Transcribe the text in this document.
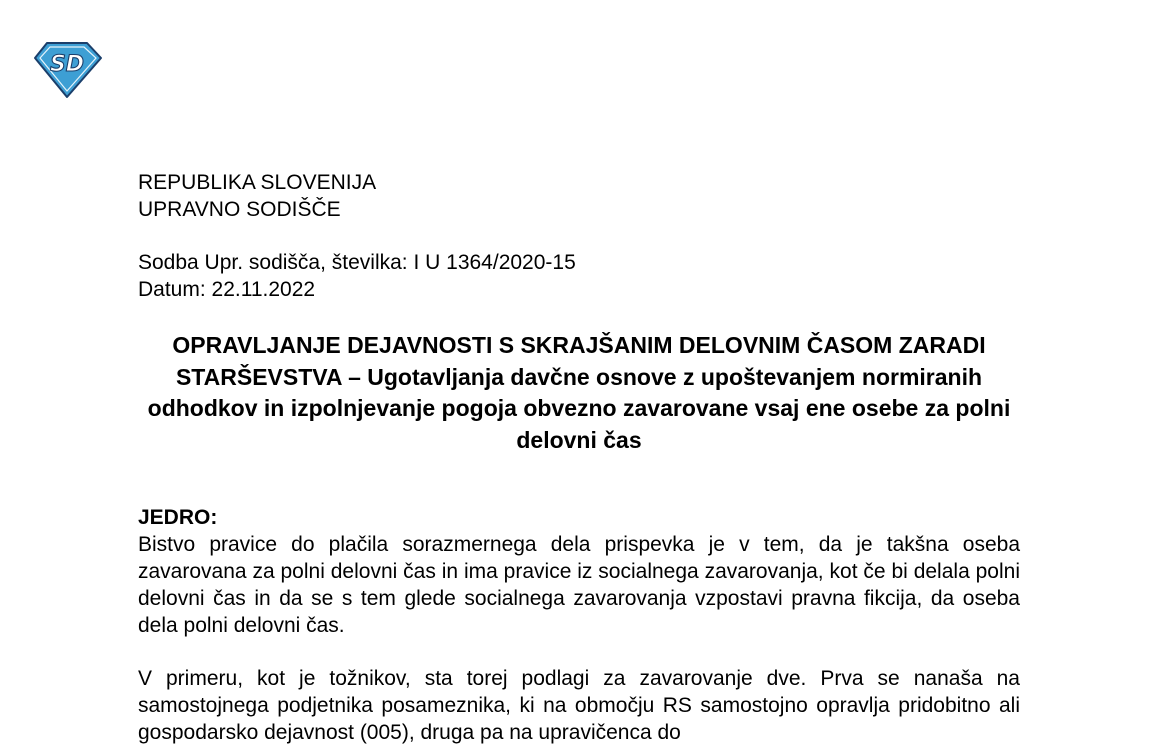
SD

REPUBLIKA SLOVENIJA

UPRAVNO SODIŠČE

Sodba Upr. sodišča, številka: I U 1364/2020-15

Datum: 22.11.2022

OPRAVLJANJE DEJAVNOSTI S SKRAJŠANIM DELOVNIM ČASOM ZARADI STARŠEVSTVA – Ugotavljanja davčne osnove z upoštevanjem normiranih odhodkov in izpolnjevanje pogoja obvezno zavarovane vsaj ene osebe za polni delovni čas

JEDRO:

Bistvo pravice do plačila sorazmernega dela prispevka je v tem, da je takšna oseba zavarovana za polni delovni čas in ima pravice iz socialnega zavarovanja, kot če bi delala polni delovni čas in da se s tem glede socialnega zavarovanja vzpostavi pravna fikcija, da oseba dela polni delovni čas.

V primeru, kot je tožnikov, sta torej podlagi za zavarovanje dve. Prva se nanaša na samostojnega podjetnika posameznika, ki na območju RS samostojno opravlja pridobitno ali gospodarsko dejavnost (005), druga pa na upravičenca do
